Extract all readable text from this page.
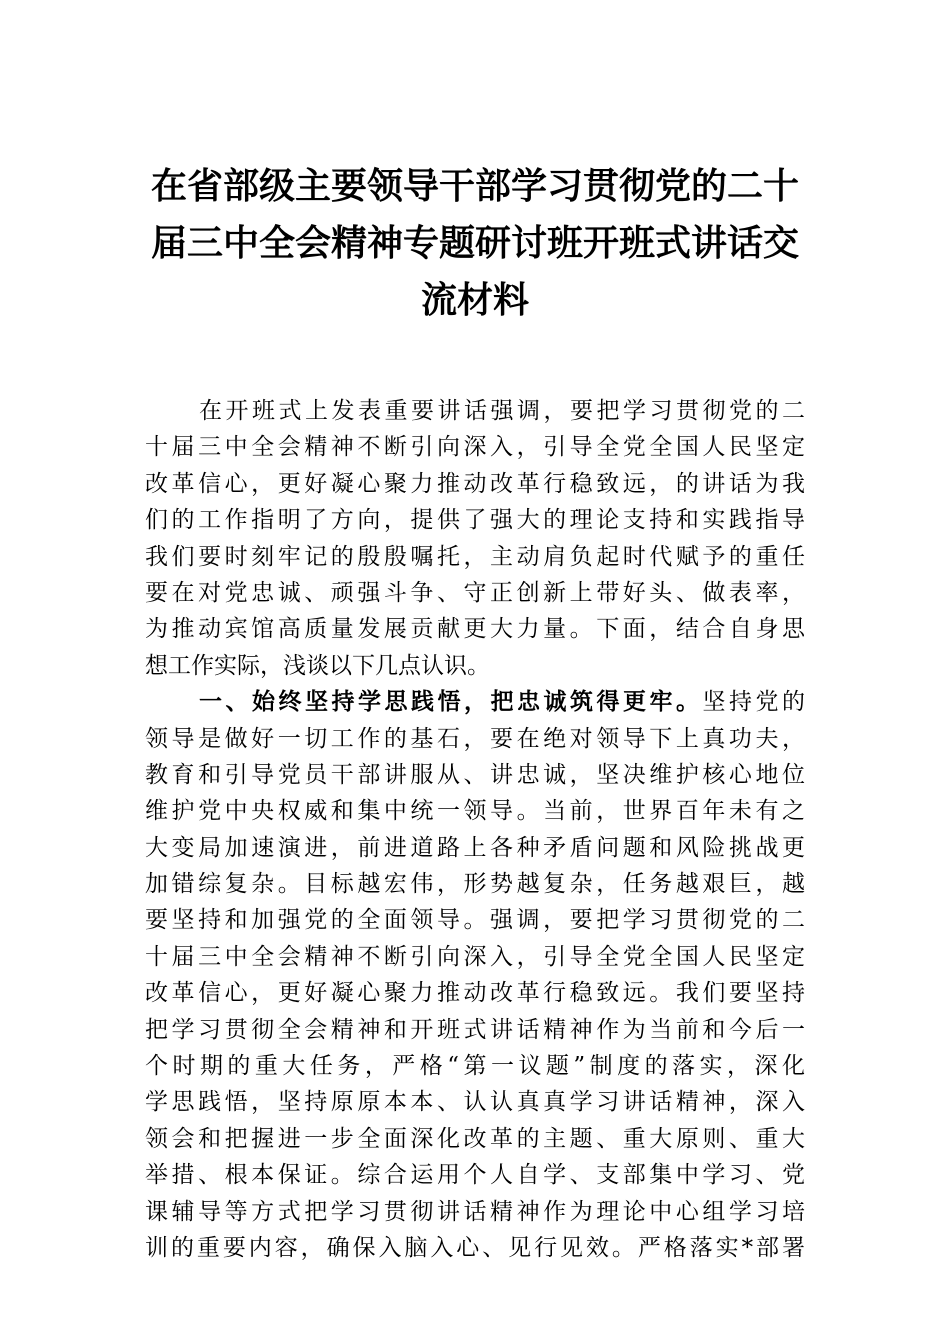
在省部级主要领导干部学习贯彻党的二十
届三中全会精神专题研讨班开班式讲话交
流材料
在开班式上发表重要讲话强调，要把学习贯彻党的二
十届三中全会精神不断引向深入，引导全党全国人民坚定
改革信心，更好凝心聚力推动改革行稳致远，的讲话为我
们的工作指明了方向，提供了强大的理论支持和实践指导
我们要时刻牢记的殷殷嘱托，主动肩负起时代赋予的重任
要在对党忠诚、顽强斗争、守正创新上带好头、做表率，
为推动宾馆高质量发展贡献更大力量。下面，结合自身思
想工作实际，浅谈以下几点认识。
一、始终坚持学思践悟，把忠诚筑得更牢。坚持党的
领导是做好一切工作的基石，要在绝对领导下上真功夫，
教育和引导党员干部讲服从、讲忠诚，坚决维护核心地位
维护党中央权威和集中统一领导。当前，世界百年未有之
大变局加速演进，前进道路上各种矛盾问题和风险挑战更
加错综复杂。目标越宏伟，形势越复杂，任务越艰巨，越
要坚持和加强党的全面领导。强调，要把学习贯彻党的二
十届三中全会精神不断引向深入，引导全党全国人民坚定
改革信心，更好凝心聚力推动改革行稳致远。我们要坚持
把学习贯彻全会精神和开班式讲话精神作为当前和今后一
个时期的重大任务，严格“第一议题”制度的落实，深化
学思践悟，坚持原原本本、认认真真学习讲话精神，深入
领会和把握进一步全面深化改革的主题、重大原则、重大
举措、根本保证。综合运用个人自学、支部集中学习、党
课辅导等方式把学习贯彻讲话精神作为理论中心组学习培
训的重要内容，确保入脑入心、见行见效。严格落实*部署
